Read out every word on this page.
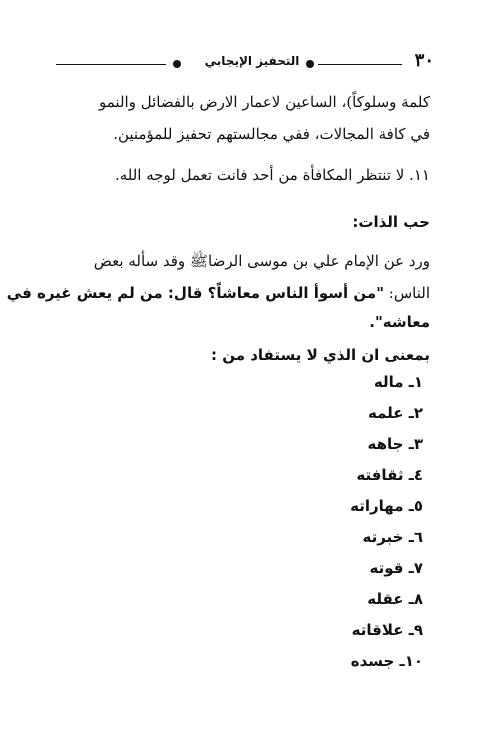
٣٠
التحفيز الإيجابي
كلمة وسلوكاً)، الساعين لاعمار الارض بالفضائل والنمو
في كافة المجالات، ففي مجالستهم تحفيز للمؤمنين.
١١. لا تنتظر المكافأة من أحد فانت تعمل لوجه الله.
حب الذات:
ورد عن الإمام علي بن موسى الرضاﷺ وقد سأله بعض
الناس: "من أسوأ الناس معاشاً؟ قال: من لم يعش غيره في
معاشه".
بمعنى ان الذي لا يستفاد من :
١ـ ماله
٢ـ علمه
٣ـ جاهه
٤ـ ثقافته
٥ـ مهاراته
٦ـ خبرته
٧ـ قوته
٨ـ عقله
٩ـ علاقاته
١٠ـ جسده
